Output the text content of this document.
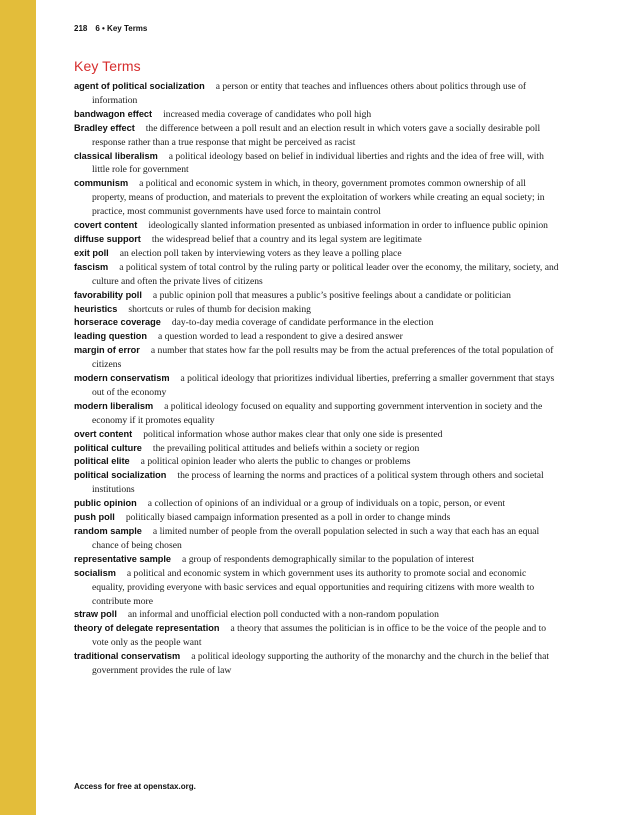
218 6 • Key Terms
Key Terms
agent of political socialization a person or entity that teaches and influences others about politics through use of information
bandwagon effect increased media coverage of candidates who poll high
Bradley effect the difference between a poll result and an election result in which voters gave a socially desirable poll response rather than a true response that might be perceived as racist
classical liberalism a political ideology based on belief in individual liberties and rights and the idea of free will, with little role for government
communism a political and economic system in which, in theory, government promotes common ownership of all property, means of production, and materials to prevent the exploitation of workers while creating an equal society; in practice, most communist governments have used force to maintain control
covert content ideologically slanted information presented as unbiased information in order to influence public opinion
diffuse support the widespread belief that a country and its legal system are legitimate
exit poll an election poll taken by interviewing voters as they leave a polling place
fascism a political system of total control by the ruling party or political leader over the economy, the military, society, and culture and often the private lives of citizens
favorability poll a public opinion poll that measures a public’s positive feelings about a candidate or politician
heuristics shortcuts or rules of thumb for decision making
horserace coverage day-to-day media coverage of candidate performance in the election
leading question a question worded to lead a respondent to give a desired answer
margin of error a number that states how far the poll results may be from the actual preferences of the total population of citizens
modern conservatism a political ideology that prioritizes individual liberties, preferring a smaller government that stays out of the economy
modern liberalism a political ideology focused on equality and supporting government intervention in society and the economy if it promotes equality
overt content political information whose author makes clear that only one side is presented
political culture the prevailing political attitudes and beliefs within a society or region
political elite a political opinion leader who alerts the public to changes or problems
political socialization the process of learning the norms and practices of a political system through others and societal institutions
public opinion a collection of opinions of an individual or a group of individuals on a topic, person, or event
push poll politically biased campaign information presented as a poll in order to change minds
random sample a limited number of people from the overall population selected in such a way that each has an equal chance of being chosen
representative sample a group of respondents demographically similar to the population of interest
socialism a political and economic system in which government uses its authority to promote social and economic equality, providing everyone with basic services and equal opportunities and requiring citizens with more wealth to contribute more
straw poll an informal and unofficial election poll conducted with a non-random population
theory of delegate representation a theory that assumes the politician is in office to be the voice of the people and to vote only as the people want
traditional conservatism a political ideology supporting the authority of the monarchy and the church in the belief that government provides the rule of law
Access for free at openstax.org.
